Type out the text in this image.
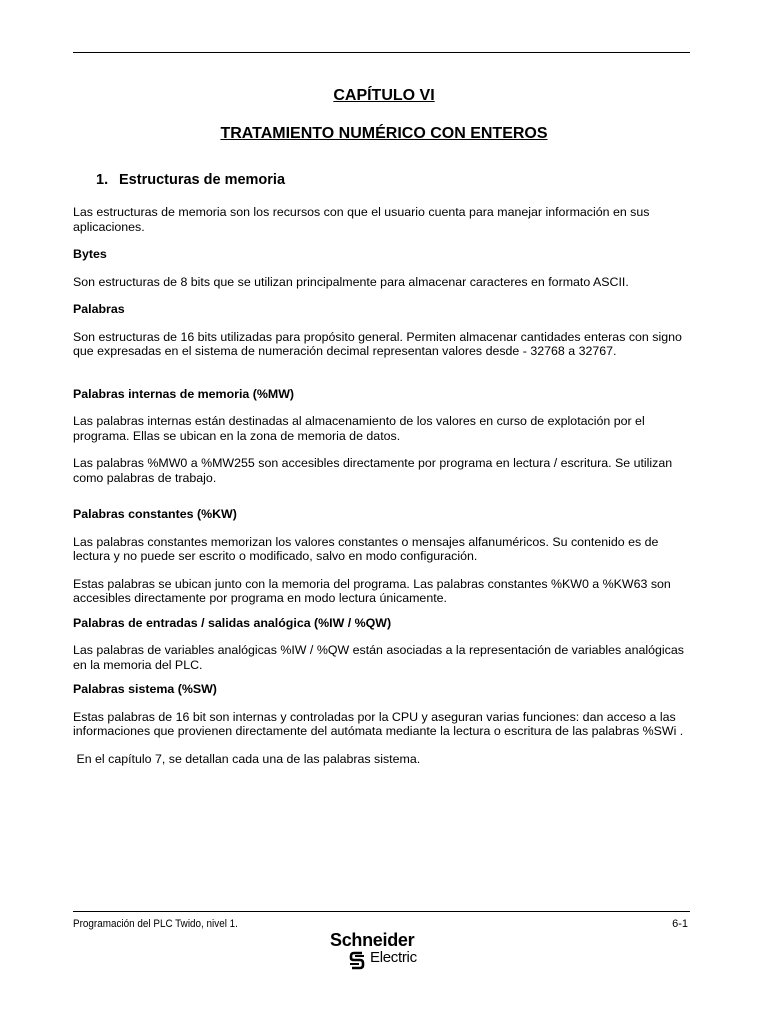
CAPÍTULO VI
TRATAMIENTO NUMÉRICO CON ENTEROS
1. Estructuras de memoria

Las estructuras de memoria son los recursos con que el usuario cuenta para manejar información en sus aplicaciones.

Bytes

Son estructuras de 8 bits que se utilizan principalmente para almacenar caracteres en formato ASCII.

Palabras

Son estructuras de 16 bits utilizadas para propósito general. Permiten almacenar cantidades enteras con signo que expresadas en el sistema de numeración decimal representan valores desde - 32768 a 32767.

Palabras internas de memoria (%MW)

Las palabras internas están destinadas al almacenamiento de los valores en curso de explotación por el programa. Ellas se ubican en la zona de memoria de datos.

Las palabras %MW0 a %MW255 son accesibles directamente por programa en lectura / escritura. Se utilizan como palabras de trabajo.

Palabras constantes (%KW)

Las palabras constantes memorizan los valores constantes o mensajes alfanuméricos. Su contenido es de lectura y no puede ser escrito o modificado, salvo en modo configuración.

Estas palabras se ubican junto con la memoria del programa. Las palabras constantes %KW0 a %KW63 son accesibles directamente por programa en modo lectura únicamente.

Palabras de entradas / salidas analógica (%IW / %QW)

Las palabras de variables analógicas %IW / %QW están asociadas a la representación de variables analógicas en la memoria del PLC.

Palabras sistema (%SW)

Estas palabras de 16 bit son internas y controladas por la CPU y aseguran varias funciones: dan acceso a las informaciones que provienen directamente del autómata mediante la lectura o escritura de las palabras %SWi .

En el capítulo 7, se detallan cada una de las palabras sistema.

Programación del PLC Twido, nivel 1.	6-1
Schneider
Electric
